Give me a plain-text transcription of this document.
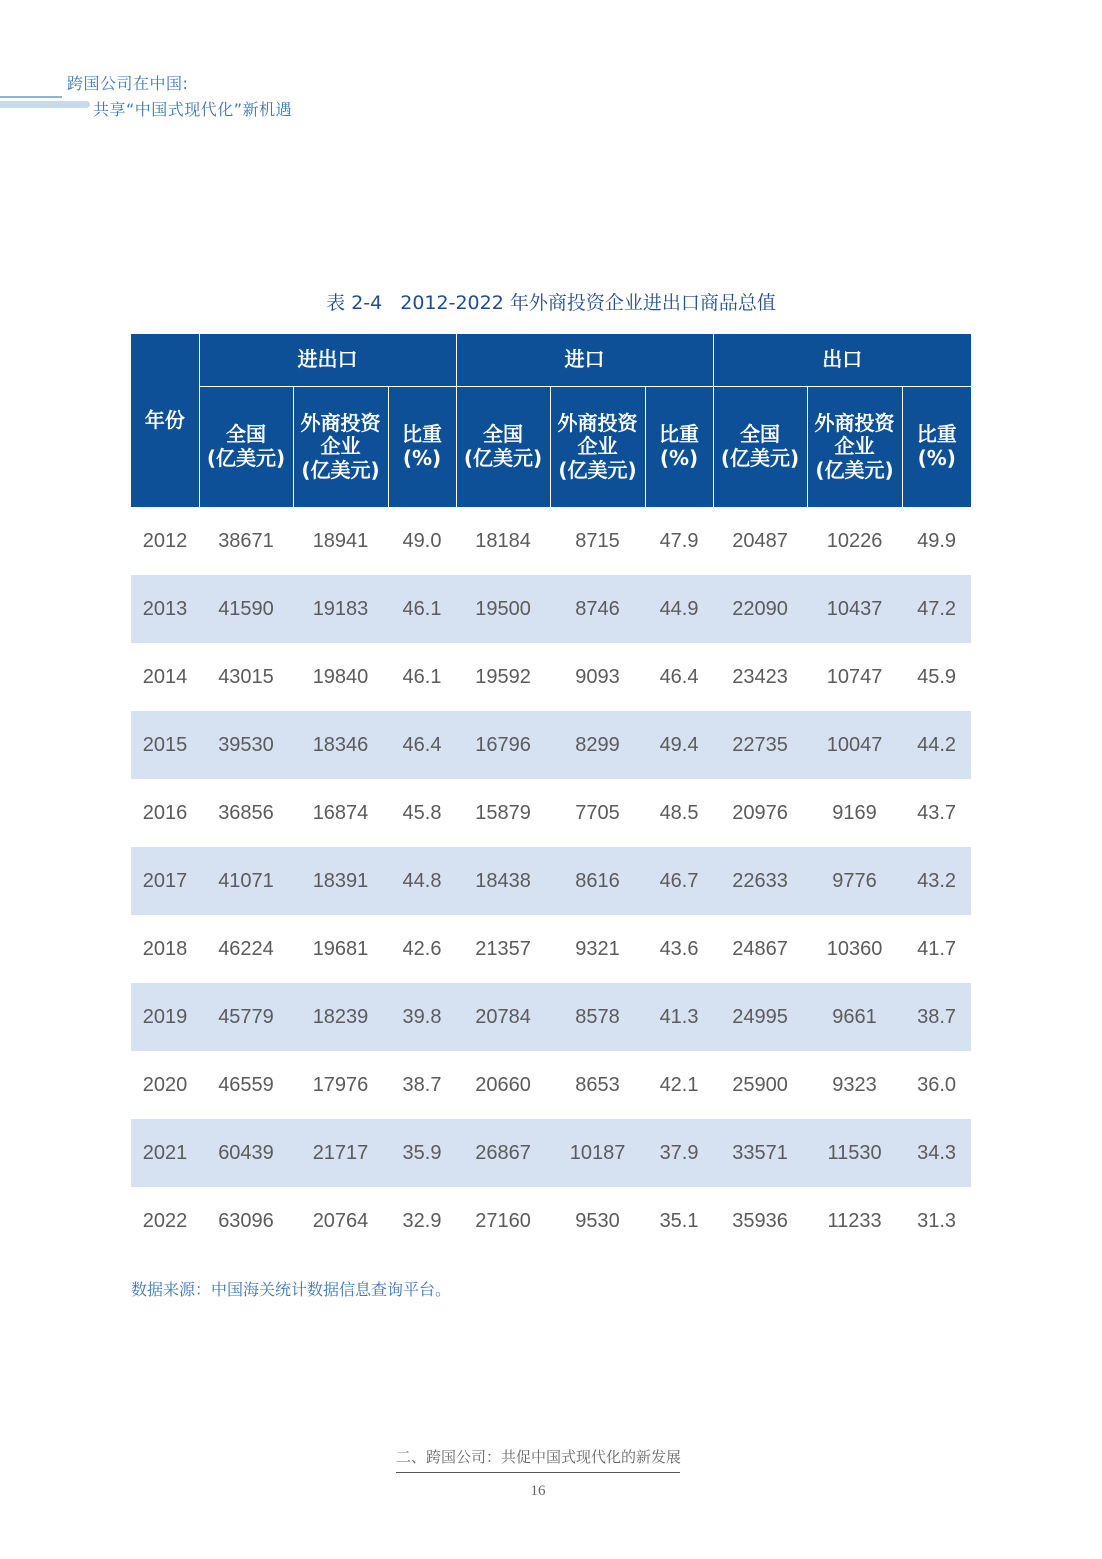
跨国公司在中国:
共享“中国式现代化”新机遇
表 2-4 2012-2022 年外商投资企业进出口商品总值
年份	进出口			进口			出口		
	全国
(亿美元)	外商投资
企业
(亿美元)	比重
(%)	全国
(亿美元)	外商投资
企业
(亿美元)	比重
(%)	全国
(亿美元)	外商投资
企业
(亿美元)	比重
(%)
2012	38671	18941	49.0	18184	8715	47.9	20487	10226	49.9
2013	41590	19183	46.1	19500	8746	44.9	22090	10437	47.2
2014	43015	19840	46.1	19592	9093	46.4	23423	10747	45.9
2015	39530	18346	46.4	16796	8299	49.4	22735	10047	44.2
2016	36856	16874	45.8	15879	7705	48.5	20976	9169	43.7
2017	41071	18391	44.8	18438	8616	46.7	22633	9776	43.2
2018	46224	19681	42.6	21357	9321	43.6	24867	10360	41.7
2019	45779	18239	39.8	20784	8578	41.3	24995	9661	38.7
2020	46559	17976	38.7	20660	8653	42.1	25900	9323	36.0
2021	60439	21717	35.9	26867	10187	37.9	33571	11530	34.3
2022	63096	20764	32.9	27160	9530	35.1	35936	11233	31.3
数据来源：中国海关统计数据信息查询平台。
二、跨国公司：共促中国式现代化的新发展
16
